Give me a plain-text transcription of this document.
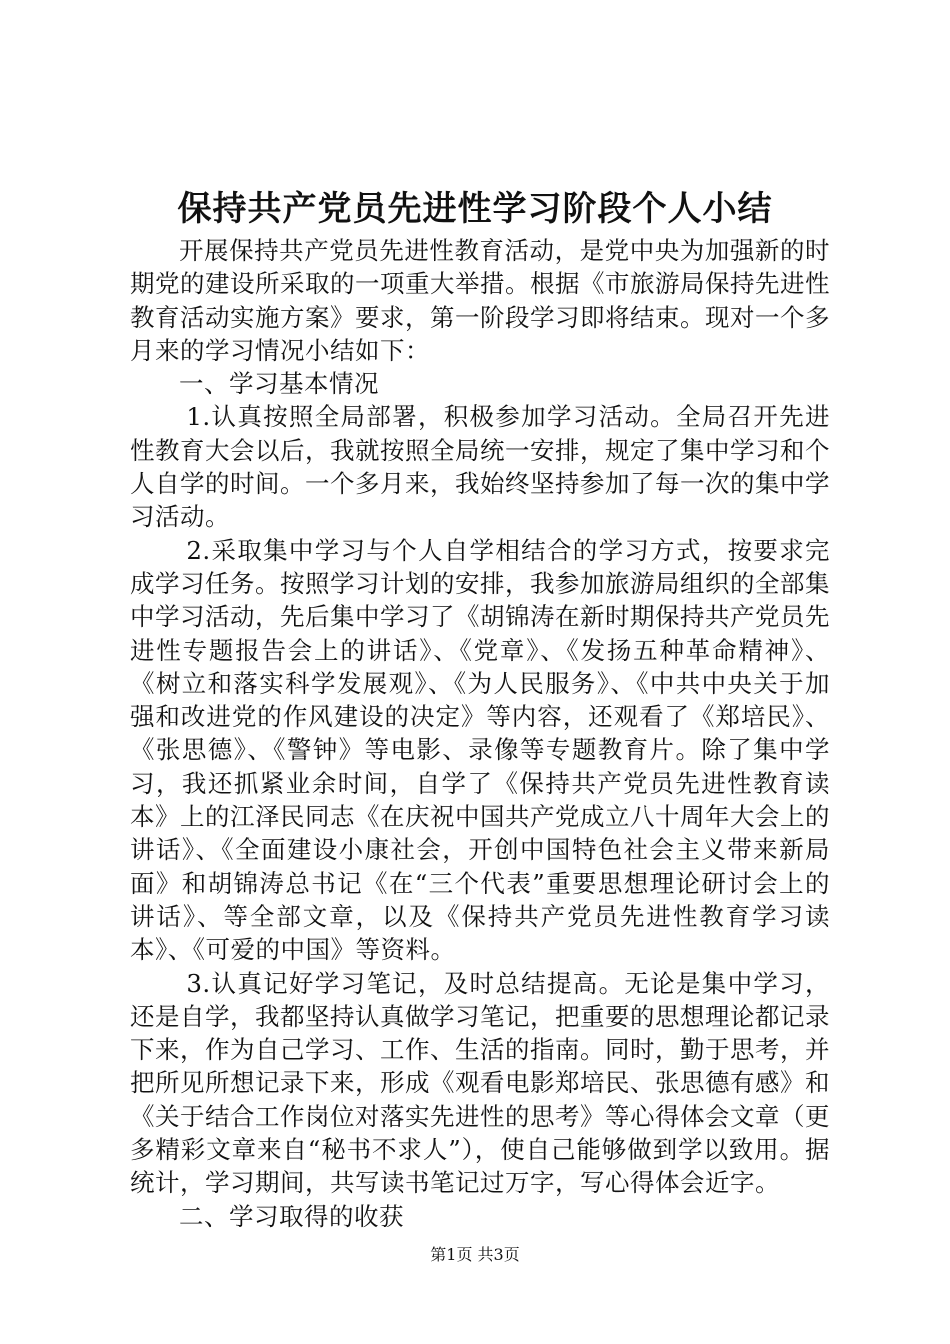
保持共产党员先进性学习阶段个人小结

开展保持共产党员先进性教育活动，是党中央为加强新的时期党的建设所采取的一项重大举措。根据《市旅游局保持先进性教育活动实施方案》要求，第一阶段学习即将结束。现对一个多月来的学习情况小结如下：

一、学习基本情况

1.认真按照全局部署，积极参加学习活动。全局召开先进性教育大会以后，我就按照全局统一安排，规定了集中学习和个人自学的时间。一个多月来，我始终坚持参加了每一次的集中学习活动。

2.采取集中学习与个人自学相结合的学习方式，按要求完成学习任务。按照学习计划的安排，我参加旅游局组织的全部集中学习活动，先后集中学习了《胡锦涛在新时期保持共产党员先进性专题报告会上的讲话》、《党章》、《发扬五种革命精神》、《树立和落实科学发展观》、《为人民服务》、《中共中央关于加强和改进党的作风建设的决定》等内容，还观看了《郑培民》、《张思德》、《警钟》等电影、录像等专题教育片。除了集中学习，我还抓紧业余时间，自学了《保持共产党员先进性教育读本》上的江泽民同志《在庆祝中国共产党成立八十周年大会上的讲话》、《全面建设小康社会，开创中国特色社会主义带来新局面》和胡锦涛总书记《在“三个代表”重要思想理论研讨会上的讲话》、等全部文章，以及《保持共产党员先进性教育学习读本》、《可爱的中国》等资料。

3.认真记好学习笔记，及时总结提高。无论是集中学习，还是自学，我都坚持认真做学习笔记，把重要的思想理论都记录下来，作为自己学习、工作、生活的指南。同时，勤于思考，并把所见所想记录下来，形成《观看电影郑培民、张思德有感》和《关于结合工作岗位对落实先进性的思考》等心得体会文章（更多精彩文章来自“秘书不求人”），使自己能够做到学以致用。据统计，学习期间，共写读书笔记过万字，写心得体会近字。

二、学习取得的收获

第1页 共3页
